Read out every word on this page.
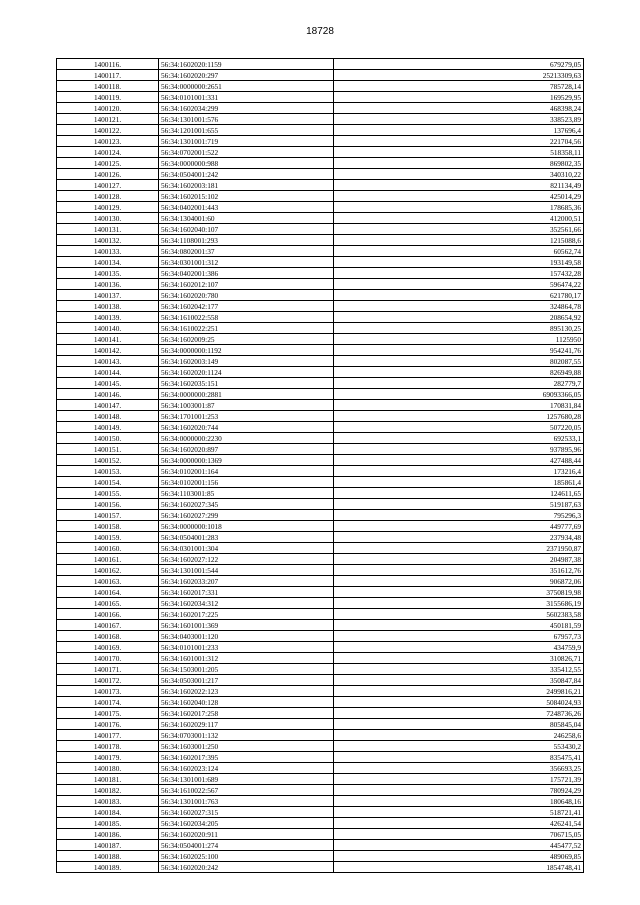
18728
1400116.	56:34:1602020:1159	679279,05
1400117.	56:34:1602020:297	25213309,63
1400118.	56:34:0000000:2651	785728,14
1400119.	56:34:0101001:331	169529,95
1400120.	56:34:1602034:299	468398,24
1400121.	56:34:1301001:576	338523,89
1400122.	56:34:1201001:655	137696,4
1400123.	56:34:1301001:719	221704,56
1400124.	56:34:0702001:522	518358,11
1400125.	56:34:0000000:988	869802,35
1400126.	56:34:0504001:242	340310,22
1400127.	56:34:1602003:181	821134,49
1400128.	56:34:1602015:102	425014,29
1400129.	56:34:0402001:443	178685,36
1400130.	56:34:1304001:60	412000,51
1400131.	56:34:1602040:107	352561,66
1400132.	56:34:1108001:293	1215088,6
1400133.	56:34:0802001:37	60562,74
1400134.	56:34:0301001:312	193149,58
1400135.	56:34:0402001:386	157432,28
1400136.	56:34:1602012:107	596474,22
1400137.	56:34:1602020:780	621780,17
1400138.	56:34:1602042:177	324864,78
1400139.	56:34:1610022:558	208654,92
1400140.	56:34:1610022:251	895130,25
1400141.	56:34:1602009:25	1125950
1400142.	56:34:0000000:1192	954241,76
1400143.	56:34:1602003:149	802087,55
1400144.	56:34:1602020:1124	826949,88
1400145.	56:34:1602035:151	282779,7
1400146.	56:34:0000000:2881	69093366,05
1400147.	56:34:1003001:87	170831,84
1400148.	56:34:1701001:253	1257680,28
1400149.	56:34:1602020:744	507220,05
1400150.	56:34:0000000:2230	692533,1
1400151.	56:34:1602020:897	937895,96
1400152.	56:34:0000000:1369	427488,44
1400153.	56:34:0102001:164	173216,4
1400154.	56:34:0102001:156	185861,4
1400155.	56:34:1103001:85	124611,65
1400156.	56:34:1602027:345	519187,63
1400157.	56:34:1602027:299	795296,3
1400158.	56:34:0000000:1018	449777,69
1400159.	56:34:0504001:283	237934,48
1400160.	56:34:0301001:304	2371950,87
1400161.	56:34:1602027:122	204987,38
1400162.	56:34:1301001:544	351612,76
1400163.	56:34:1602033:207	906872,06
1400164.	56:34:1602017:331	3750819,98
1400165.	56:34:1602034:312	3155686,19
1400166.	56:34:1602017:225	5602383,58
1400167.	56:34:1601001:369	450181,59
1400168.	56:34:0403001:120	67957,73
1400169.	56:34:0101001:233	434759,9
1400170.	56:34:1601001:312	310826,71
1400171.	56:34:1503001:205	335412,55
1400172.	56:34:0503001:217	350847,84
1400173.	56:34:1602022:123	2499816,21
1400174.	56:34:1602040:128	5084024,93
1400175.	56:34:1602017:258	7248736,26
1400176.	56:34:1602029:117	805845,04
1400177.	56:34:0703001:132	246258,6
1400178.	56:34:1603001:250	553430,2
1400179.	56:34:1602017:395	835475,41
1400180.	56:34:1602023:124	356693,25
1400181.	56:34:1301001:689	175721,39
1400182.	56:34:1610022:567	780924,29
1400183.	56:34:1301001:763	180648,16
1400184.	56:34:1602027:315	518721,41
1400185.	56:34:1602034:205	426241,54
1400186.	56:34:1602020:911	706715,05
1400187.	56:34:0504001:274	445477,52
1400188.	56:34:1602025:100	489069,85
1400189.	56:34:1602020:242	1854748,41
